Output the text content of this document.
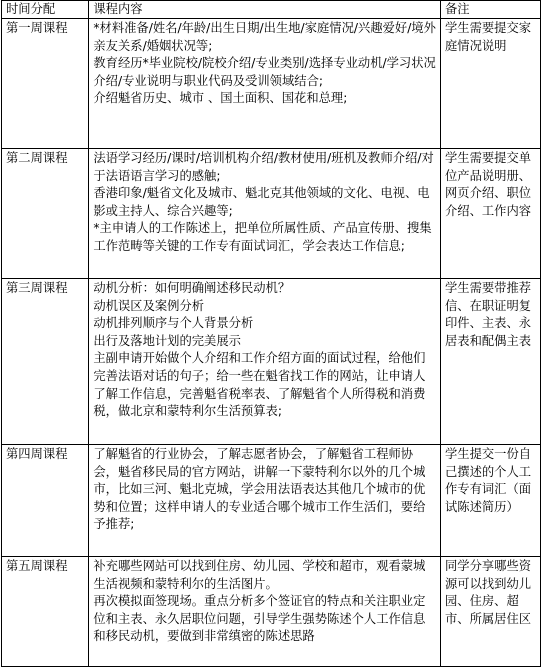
时间分配	课程内容	备注
第一周课程	*材料准备/姓名/年龄/出生日期/出生地/家庭情况/兴趣爱好/境外亲友关系/婚姻状况等;
教育经历*毕业院校/院校介绍/专业类别/选择专业动机/学习状况介绍/专业说明与职业代码及受训领域结合;
介绍魁省历史、城市 、国土面积、国花和总理;	学生需要提交家庭情况说明
第二周课程	法语学习经历/课时/培训机构介绍/教材使用/班机及教师介绍/对于法语语言学习的感触;
香港印象/魁省文化及城市、魁北克其他领域的文化、电视、电影或主持人、综合兴趣等;
*主申请人的工作陈述上，把单位所属性质、产品宣传册、搜集工作范畴等关键的工作专有面试词汇，学会表达工作信息;	学生需要提交单位产品说明册、网页介绍、职位介绍、工作内容
第三周课程	动机分析：如何明确阐述移民动机？
动机误区及案例分析
动机排列顺序与个人背景分析
出行及落地计划的完美展示
主副申请开始做个人介绍和工作介绍方面的面试过程，给他们完善法语对话的句子；给一些在魁省找工作的网站，让申请人了解工作信息，完善魁省税率表、了解魁省个人所得税和消费税，做北京和蒙特利尔生活预算表;	学生需要带推荐信、在职证明复印件、主表、永居表和配偶主表
第四周课程	了解魁省的行业协会，了解志愿者协会，了解魁省工程师协会，魁省移民局的官方网站，讲解一下蒙特利尔以外的几个城市，比如三河、魁北克城，学会用法语表达其他几个城市的优势和位置；这样申请人的专业适合哪个城市工作生活们，要给予推荐;	学生提交一份自己撰述的个人工作专有词汇（面试陈述简历）
第五周课程	补充哪些网站可以找到住房、幼儿园、学校和超市，观看蒙城生活视频和蒙特利尔的生活图片。
再次模拟面签现场。重点分析多个签证官的特点和关注职业定位和主表、永久居职位问题，引导学生强势陈述个人工作信息和移民动机，要做到非常缜密的陈述思路	同学分享哪些资源可以找到幼儿园、住房、超市、所属居住区
